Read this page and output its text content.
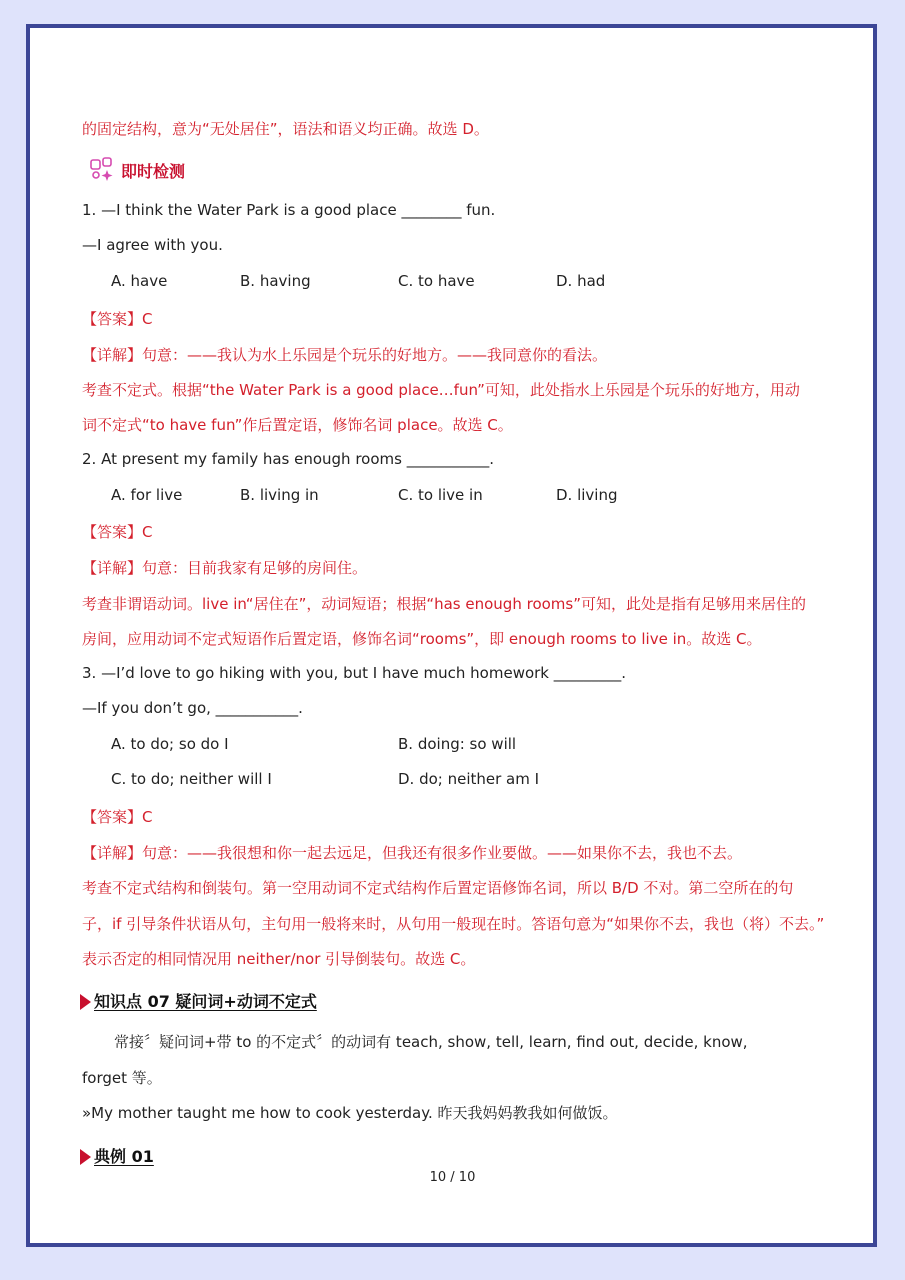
的固定结构，意为“无处居住”，语法和语义均正确。故选 D。
即时检测
1. —I think the Water Park is a good place ________ fun.
—I agree with you.
A. have	B. having	C. to have	D. had
【答案】C
【详解】句意：——我认为水上乐园是个玩乐的好地方。——我同意你的看法。
考查不定式。根据“the Water Park is a good place…fun”可知，此处指水上乐园是个玩乐的好地方，用动
词不定式“to have fun”作后置定语，修饰名词 place。故选 C。
2. At present my family has enough rooms ___________.
A. for live	B. living in	C. to live in	D. living
【答案】C
【详解】句意：目前我家有足够的房间住。
考查非谓语动词。live in“居住在”，动词短语；根据“has enough rooms”可知，此处是指有足够用来居住的
房间，应用动词不定式短语作后置定语，修饰名词“rooms”，即 enough rooms to live in。故选 C。
3. —I’d love to go hiking with you, but I have much homework _________.
—If you don’t go, ___________.
A. to do; so do I	B. doing: so will
C. to do; neither will I	D. do; neither am I
【答案】C
【详解】句意：——我很想和你一起去远足，但我还有很多作业要做。——如果你不去，我也不去。
考查不定式结构和倒装句。第一空用动词不定式结构作后置定语修饰名词，所以 B/D 不对。第二空所在的句
子，if 引导条件状语从句，主句用一般将来时，从句用一般现在时。答语句意为“如果你不去，我也（将）不去。”
表示否定的相同情况用 neither/nor 引导倒装句。故选 C。
知识点 07 疑问词+动词不定式
常接〞疑问词+带 to 的不定式〞的动词有 teach, show, tell, learn, find out, decide, know,
forget 等。
»My mother taught me how to cook yesterday. 昨天我妈妈教我如何做饭。
典例 01
10 / 10
